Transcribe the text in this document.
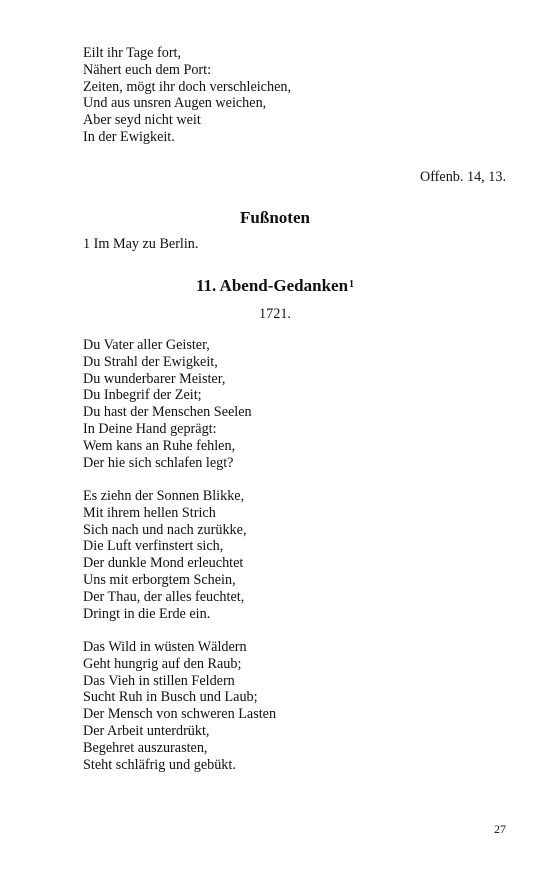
Eilt ihr Tage fort,
Nähert euch dem Port:
Zeiten, mögt ihr doch verschleichen,
Und aus unsren Augen weichen,
Aber seyd nicht weit
In der Ewigkeit.
Offenb. 14, 13.
Fußnoten
1 Im May zu Berlin.
11. Abend-Gedanken$^1$
1721.
Du Vater aller Geister,
Du Strahl der Ewigkeit,
Du wunderbarer Meister,
Du Inbegrif der Zeit;
Du hast der Menschen Seelen
In Deine Hand geprägt:
Wem kans an Ruhe fehlen,
Der hie sich schlafen legt?
Es ziehn der Sonnen Blikke,
Mit ihrem hellen Strich
Sich nach und nach zurükke,
Die Luft verfinstert sich,
Der dunkle Mond erleuchtet
Uns mit erborgtem Schein,
Der Thau, der alles feuchtet,
Dringt in die Erde ein.
Das Wild in wüsten Wäldern
Geht hungrig auf den Raub;
Das Vieh in stillen Feldern
Sucht Ruh in Busch und Laub;
Der Mensch von schweren Lasten
Der Arbeit unterdrükt,
Begehret auszurasten,
Steht schläfrig und gebükt.
27
